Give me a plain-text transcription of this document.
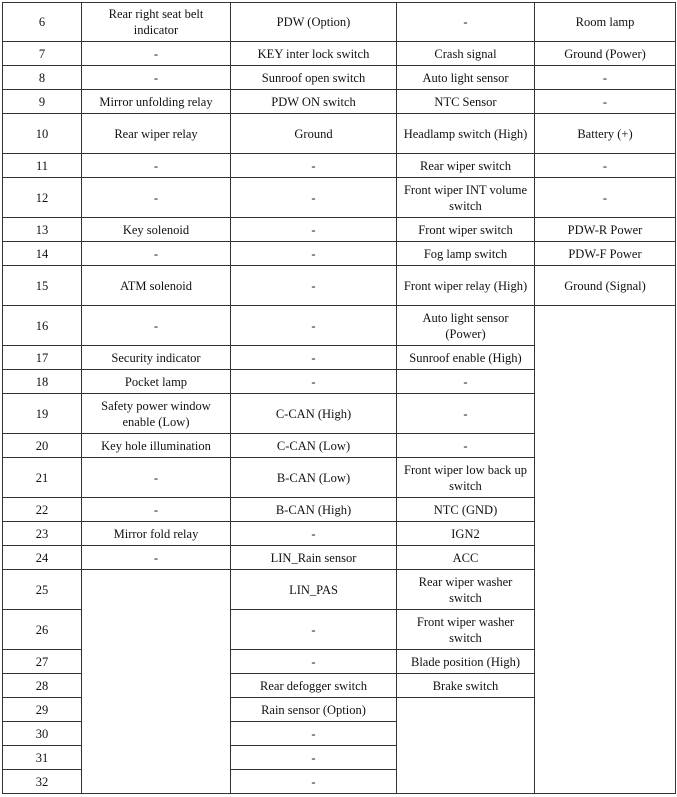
6	Rear right seat belt indicator	PDW (Option)	-	Room lamp
7	-	KEY inter lock switch	Crash signal	Ground (Power)
8	-	Sunroof open switch	Auto light sensor	-
9	Mirror unfolding relay	PDW ON switch	NTC Sensor	-
10	Rear wiper relay	Ground	Headlamp switch (High)	Battery (+)
11	-	-	Rear wiper switch	-
12	-	-	Front wiper INT volume switch	-
13	Key solenoid	-	Front wiper switch	PDW-R Power
14	-	-	Fog lamp switch	PDW-F Power
15	ATM solenoid	-	Front wiper relay (High)	Ground (Signal)
16	-	-	Auto light sensor (Power)	
17	Security indicator	-	Sunroof enable (High)	
18	Pocket lamp	-	-	
19	Safety power window enable (Low)	C-CAN (High)	-	
20	Key hole illumination	C-CAN (Low)	-	
21	-	B-CAN (Low)	Front wiper low back up switch	
22	-	B-CAN (High)	NTC (GND)	
23	Mirror fold relay	-	IGN2	
24	-	LIN_Rain sensor	ACC	
25		LIN_PAS	Rear wiper washer switch	
26		-	Front wiper washer switch	
27		-	Blade position (High)	
28		Rear defogger switch	Brake switch	
29		Rain sensor (Option)		
30		-		
31		-		
32		-		
